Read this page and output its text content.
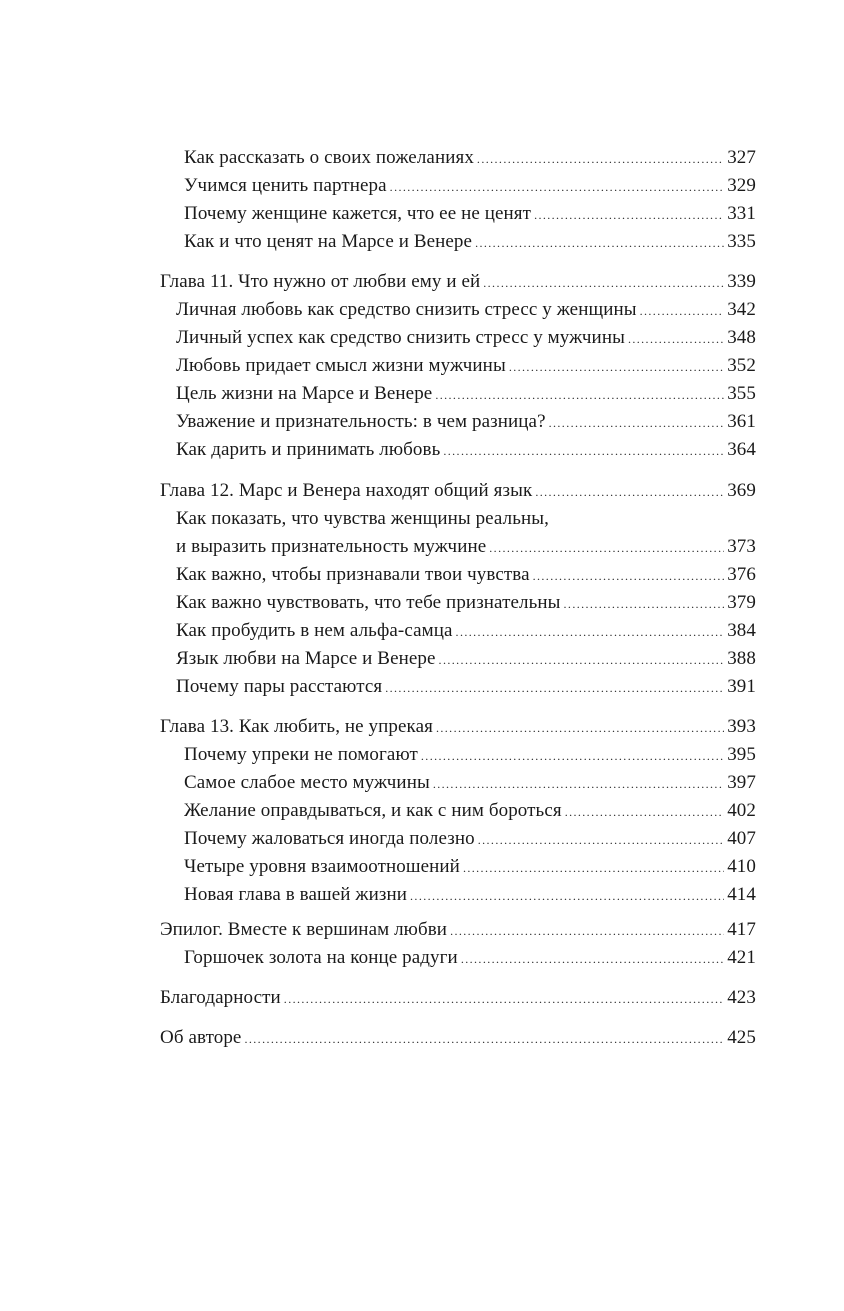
Как рассказать о своих пожеланиях .....	327
Учимся ценить партнера .....	329
Почему женщине кажется, что ее не ценят .....	331
Как и что ценят на Марсе и Венере .....	335
Глава 11. Что нужно от любви ему и ей .....	339
Личная любовь как средство снизить стресс у женщины .....	342
Личный успех как средство снизить стресс у мужчины .....	348
Любовь придает смысл жизни мужчины .....	352
Цель жизни на Марсе и Венере .....	355
Уважение и признательность: в чем разница? .....	361
Как дарить и принимать любовь .....	364
Глава 12. Марс и Венера находят общий язык .....	369
Как показать, что чувства женщины реальны,
и выразить признательность мужчине .....	373
Как важно, чтобы признавали твои чувства .....	376
Как важно чувствовать, что тебе признательны .....	379
Как пробудить в нем альфа-самца .....	384
Язык любви на Марсе и Венере .....	388
Почему пары расстаются .....	391
Глава 13. Как любить, не упрекая .....	393
Почему упреки не помогают .....	395
Самое слабое место мужчины .....	397
Желание оправдываться, и как с ним бороться .....	402
Почему жаловаться иногда полезно .....	407
Четыре уровня взаимоотношений .....	410
Новая глава в вашей жизни .....	414
Эпилог. Вместе к вершинам любви .....	417
Горшочек золота на конце радуги .....	421
Благодарности .....	423
Об авторе .....	425
